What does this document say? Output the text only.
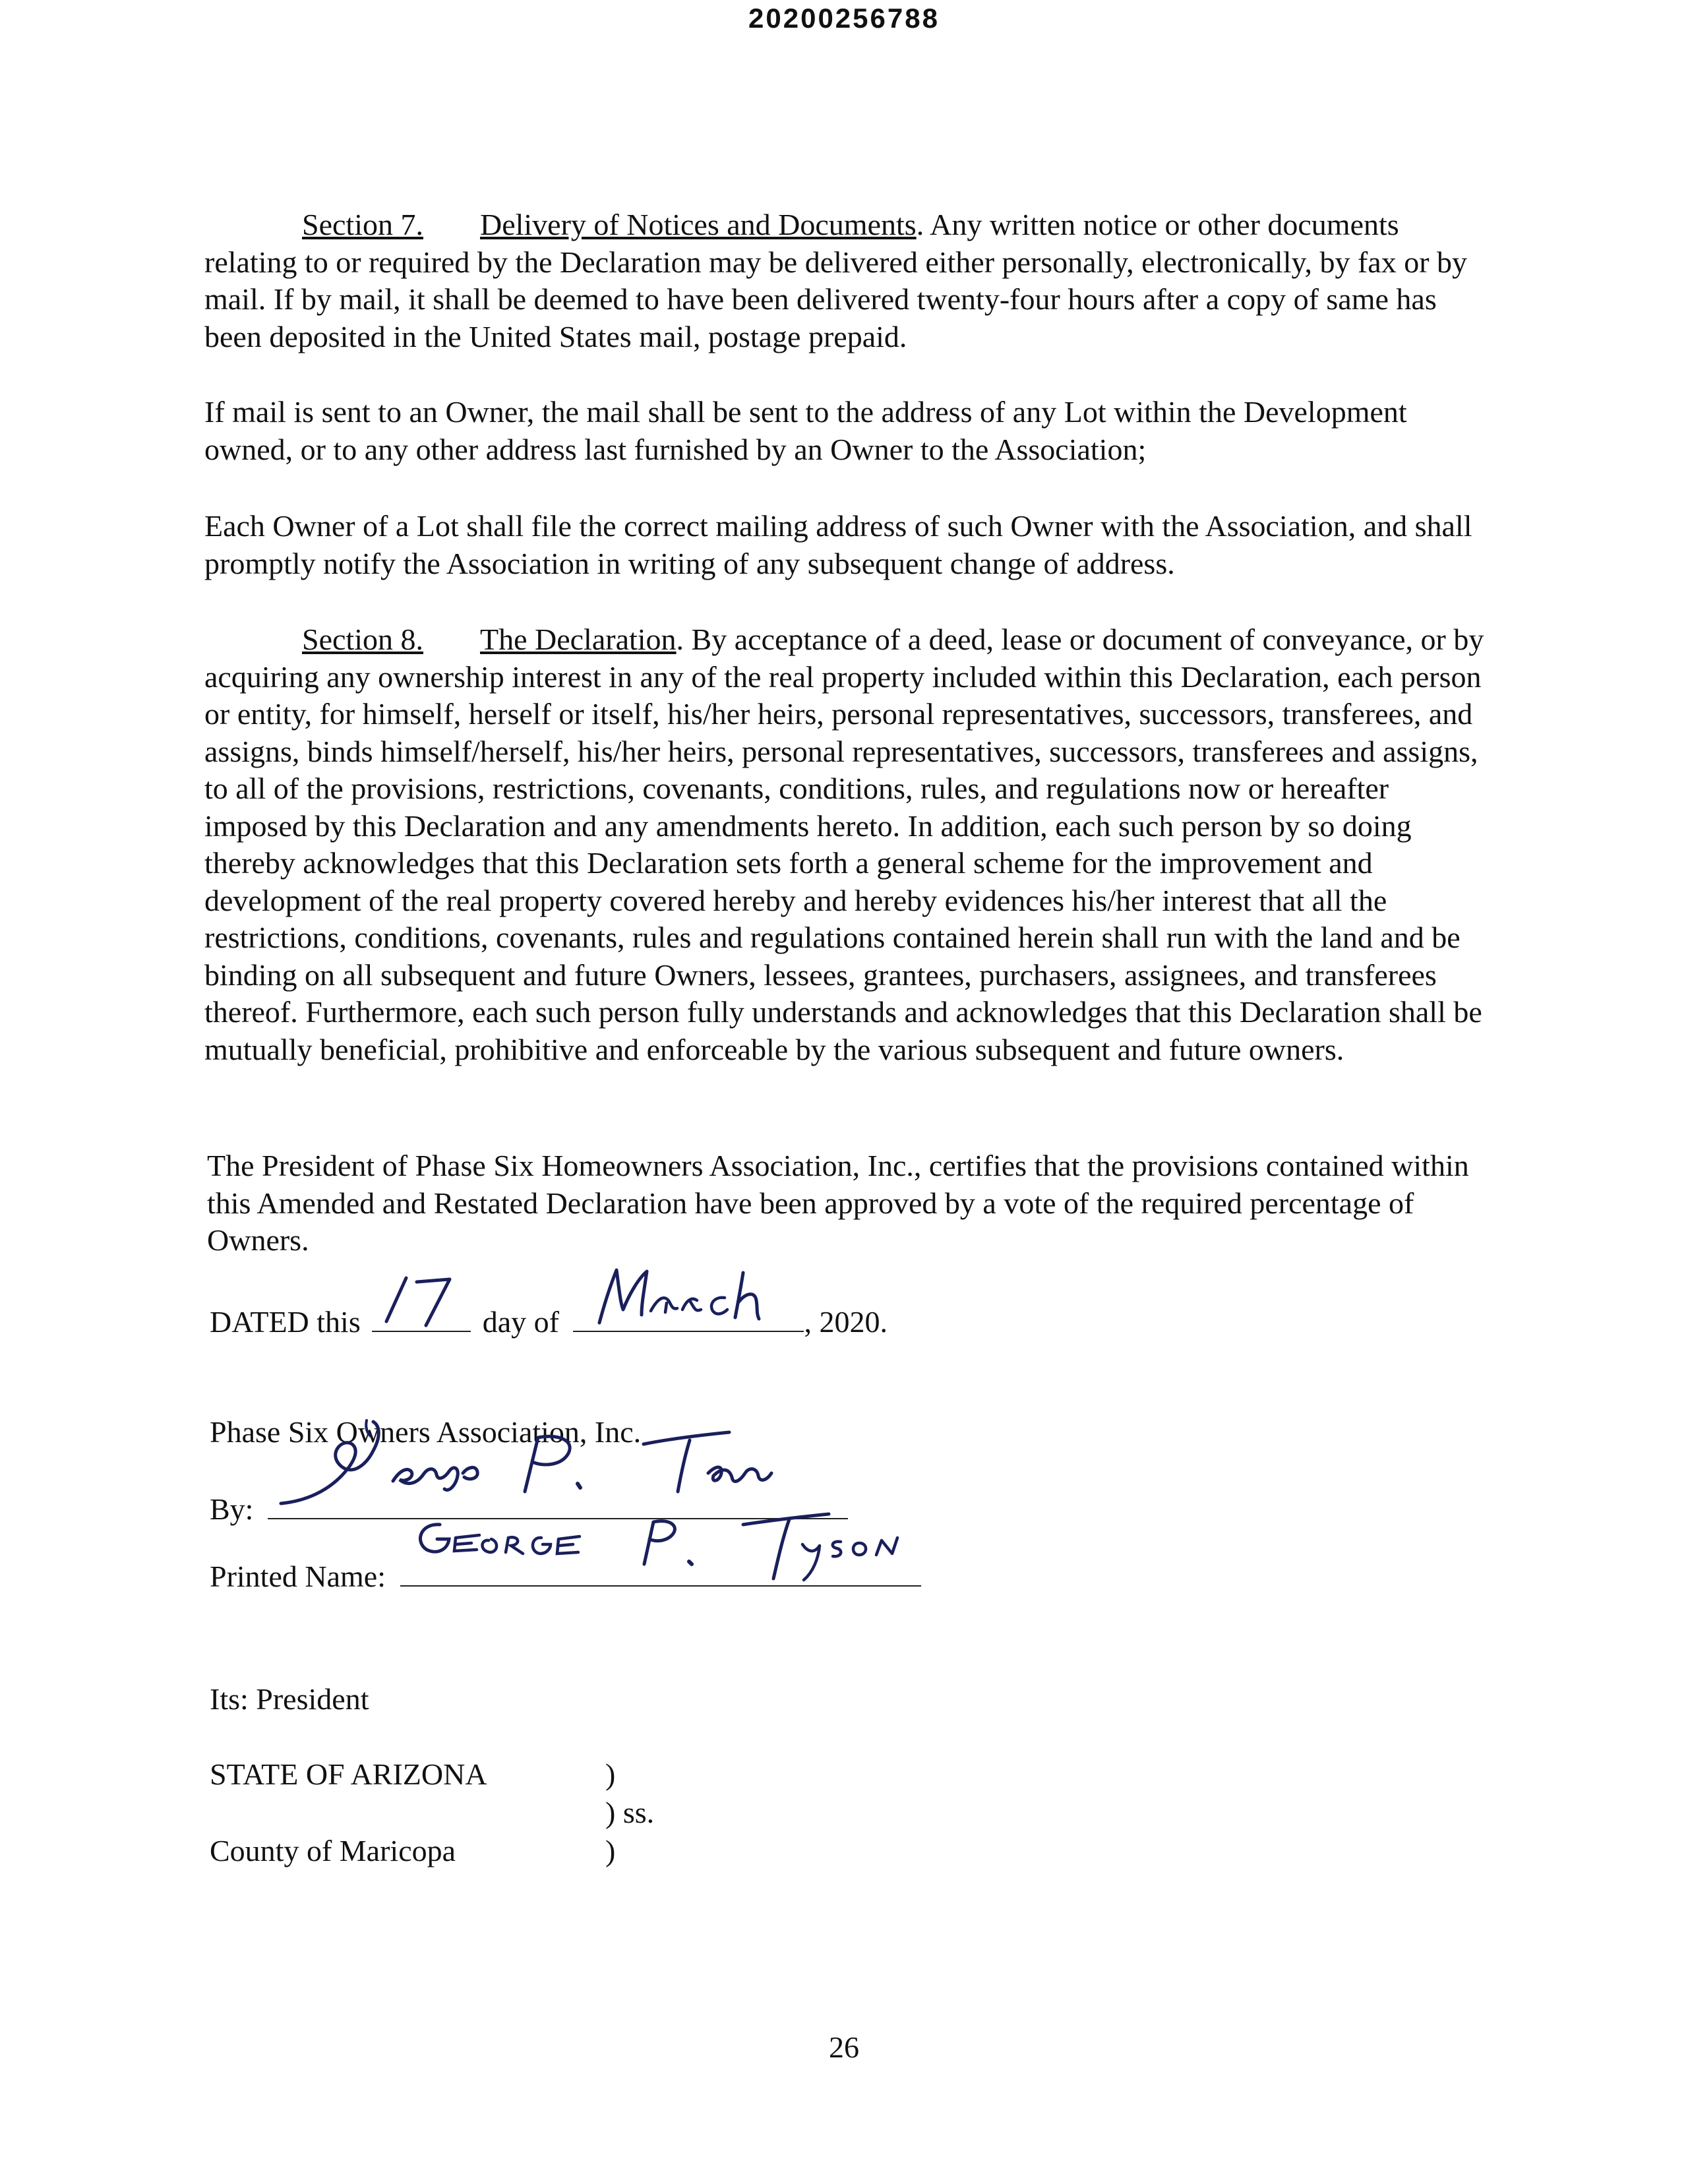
20200256788

Section 7. Delivery of Notices and Documents. Any written notice or other documents relating to or required by the Declaration may be delivered either personally, electronically, by fax or by mail. If by mail, it shall be deemed to have been delivered twenty-four hours after a copy of same has been deposited in the United States mail, postage prepaid.

If mail is sent to an Owner, the mail shall be sent to the address of any Lot within the Development owned, or to any other address last furnished by an Owner to the Association;

Each Owner of a Lot shall file the correct mailing address of such Owner with the Association, and shall promptly notify the Association in writing of any subsequent change of address.

Section 8. The Declaration. By acceptance of a deed, lease or document of conveyance, or by acquiring any ownership interest in any of the real property included within this Declaration, each person or entity, for himself, herself or itself, his/her heirs, personal representatives, successors, transferees, and assigns, binds himself/herself, his/her heirs, personal representatives, successors, transferees and assigns, to all of the provisions, restrictions, covenants, conditions, rules, and regulations now or hereafter imposed by this Declaration and any amendments hereto. In addition, each such person by so doing thereby acknowledges that this Declaration sets forth a general scheme for the improvement and development of the real property covered hereby and hereby evidences his/her interest that all the restrictions, conditions, covenants, rules and regulations contained herein shall run with the land and be binding on all subsequent and future Owners, lessees, grantees, purchasers, assignees, and transferees thereof. Furthermore, each such person fully understands and acknowledges that this Declaration shall be mutually beneficial, prohibitive and enforceable by the various subsequent and future owners.

The President of Phase Six Homeowners Association, Inc., certifies that the provisions contained within this Amended and Restated Declaration have been approved by a vote of the required percentage of Owners.

DATED this	day of	, 2020.
Phase Six Owners Association, Inc.
By:
Printed Name:
Its: President
STATE OF ARIZONA
County of Maricopa
)
) ss.
)
26
